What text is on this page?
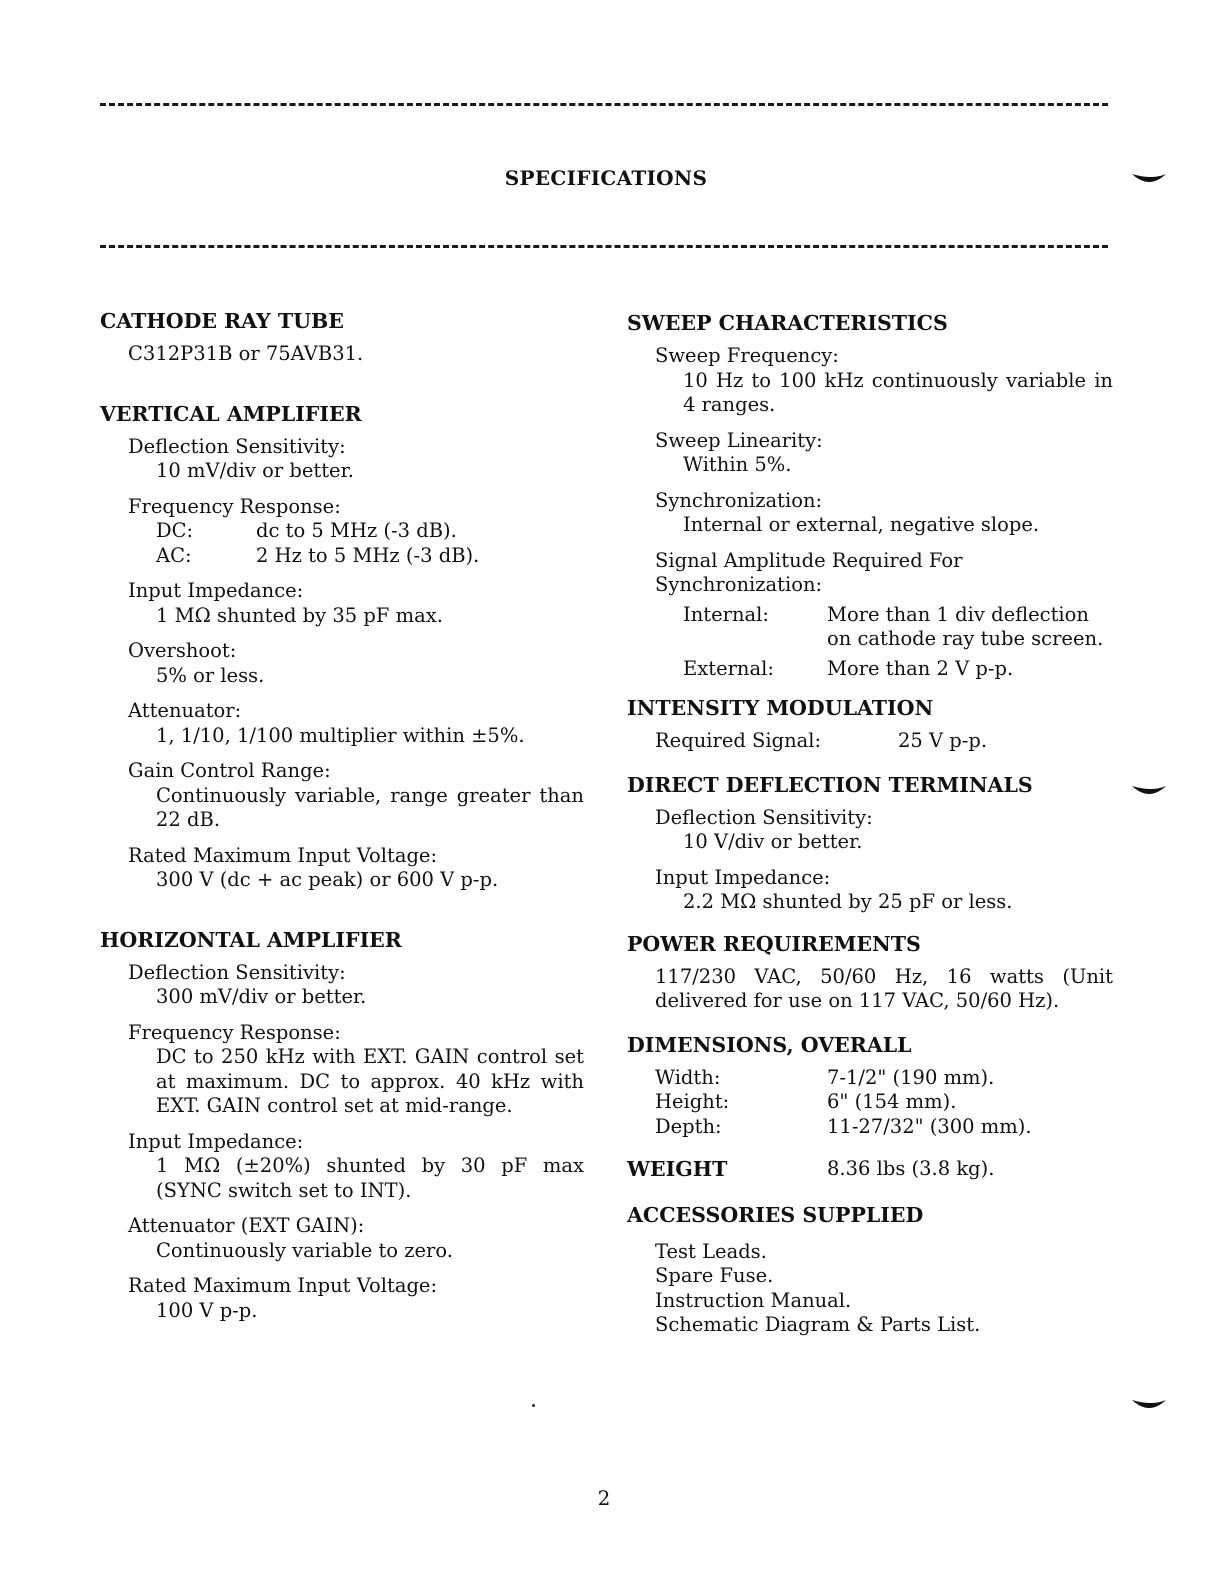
SPECIFICATIONS
CATHODE RAY TUBE
C312P31B or 75AVB31.
VERTICAL AMPLIFIER
Deflection Sensitivity:
10 mV/div or better.
Frequency Response:
DC:	dc to 5 MHz (-3 dB).
AC:	2 Hz to 5 MHz (-3 dB).
Input Impedance:
1 MΩ shunted by 35 pF max.
Overshoot:
5% or less.
Attenuator:
1, 1/10, 1/100 multiplier within ±5%.
Gain Control Range:
Continuously variable, range greater than 22 dB.
Rated Maximum Input Voltage:
300 V (dc + ac peak) or 600 V p-p.
HORIZONTAL AMPLIFIER
Deflection Sensitivity:
300 mV/div or better.
Frequency Response:
DC to 250 kHz with EXT. GAIN control set at maximum. DC to approx. 40 kHz with EXT. GAIN control set at mid-range.
Input Impedance:
1 MΩ (±20%) shunted by 30 pF max (SYNC switch set to INT).
Attenuator (EXT GAIN):
Continuously variable to zero.
Rated Maximum Input Voltage:
100 V p-p.
SWEEP CHARACTERISTICS
Sweep Frequency:
10 Hz to 100 kHz continuously variable in 4 ranges.
Sweep Linearity:
Within 5%.
Synchronization:
Internal or external, negative slope.
Signal Amplitude Required For
Synchronization:
Internal:	More than 1 div deflection on cathode ray tube screen.
External:	More than 2 V p-p.
INTENSITY MODULATION
Required Signal:	25 V p-p.
DIRECT DEFLECTION TERMINALS
Deflection Sensitivity:
10 V/div or better.
Input Impedance:
2.2 MΩ shunted by 25 pF or less.
POWER REQUIREMENTS
117/230 VAC, 50/60 Hz, 16 watts (Unit delivered for use on 117 VAC, 50/60 Hz).
DIMENSIONS, OVERALL
Width:	7-1/2" (190 mm).
Height:	6" (154 mm).
Depth:	11-27/32" (300 mm).
WEIGHT	8.36 lbs (3.8 kg).
ACCESSORIES SUPPLIED
Test Leads.
Spare Fuse.
Instruction Manual.
Schematic Diagram & Parts List.
2
